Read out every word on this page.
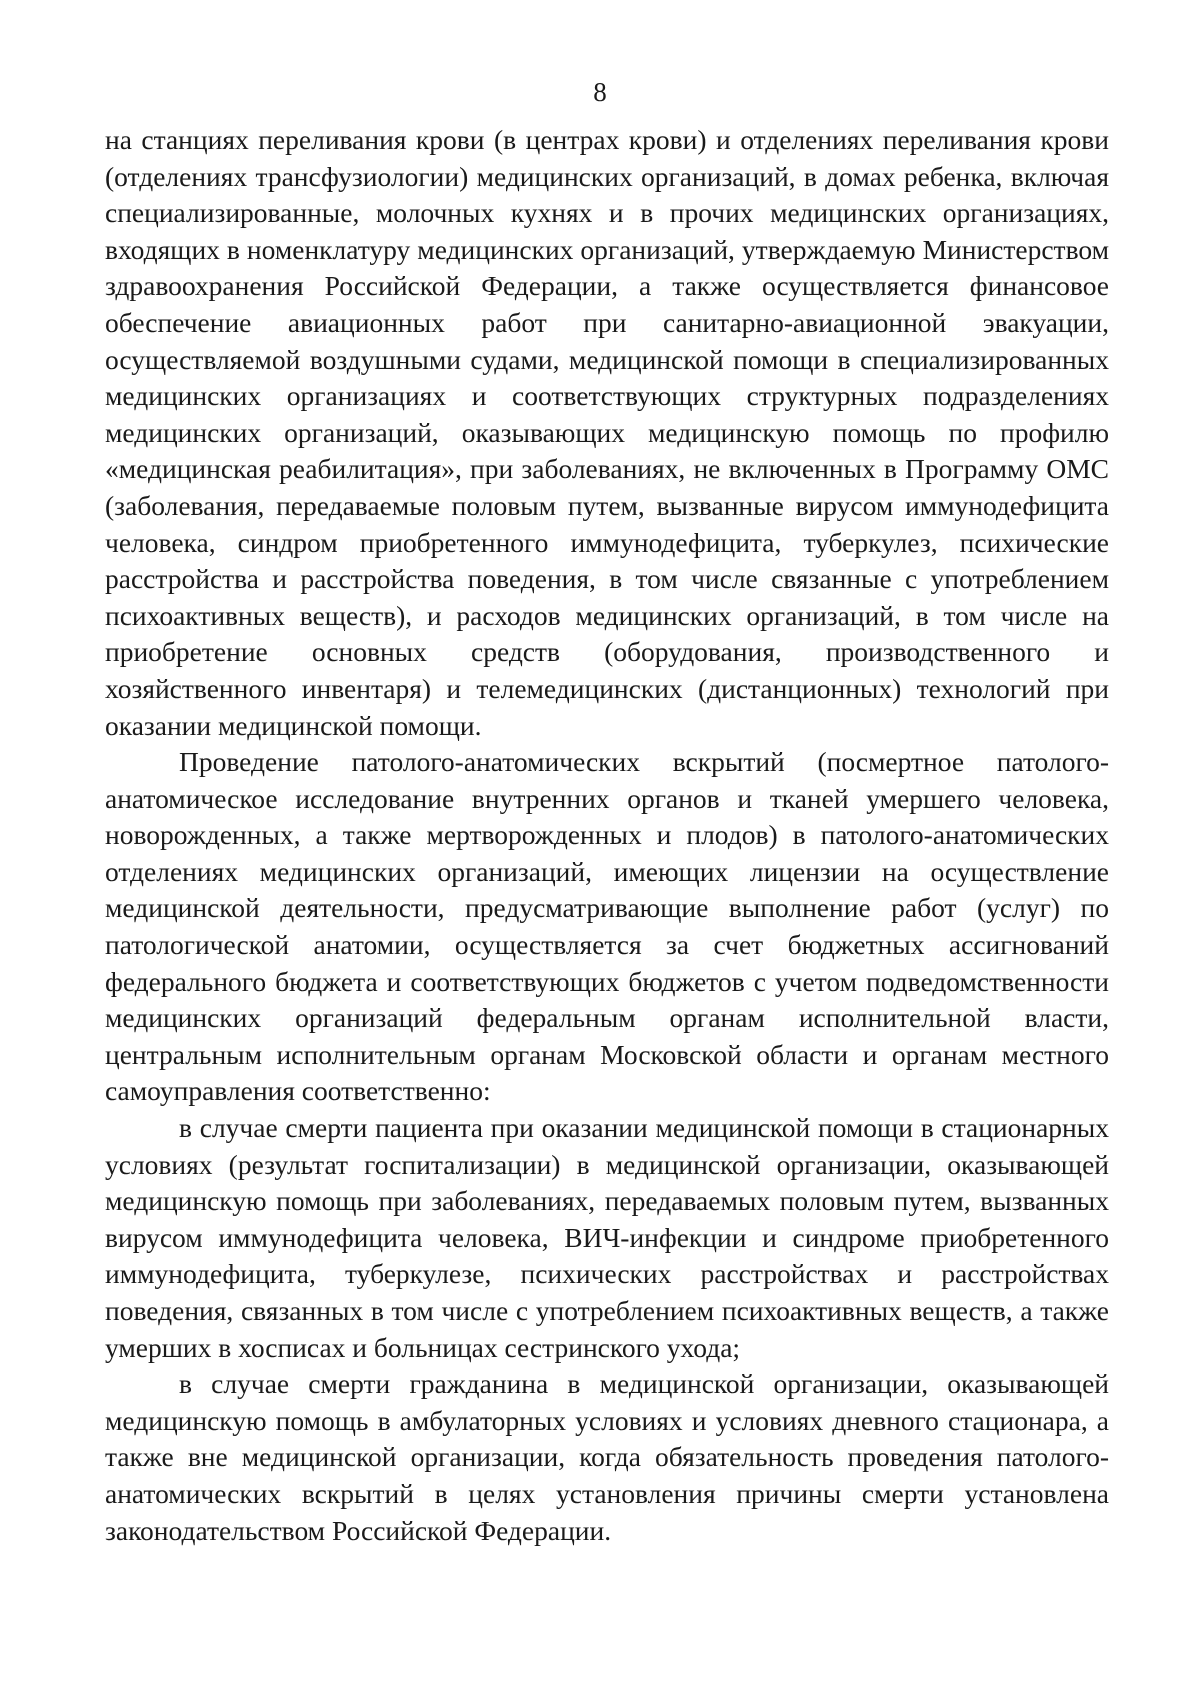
8

на станциях переливания крови (в центрах крови) и отделениях переливания крови (отделениях трансфузиологии) медицинских организаций, в домах ребенка, включая специализированные, молочных кухнях и в прочих медицинских организациях, входящих в номенклатуру медицинских организаций, утверждаемую Министерством здравоохранения Российской Федерации, а также осуществляется финансовое обеспечение авиационных работ при санитарно-авиационной эвакуации, осуществляемой воздушными судами, медицинской помощи в специализированных медицинских организациях и соответствующих структурных подразделениях медицинских организаций, оказывающих медицинскую помощь по профилю «медицинская реабилитация», при заболеваниях, не включенных в Программу ОМС (заболевания, передаваемые половым путем, вызванные вирусом иммунодефицита человека, синдром приобретенного иммунодефицита, туберкулез, психические расстройства и расстройства поведения, в том числе связанные с употреблением психоактивных веществ), и расходов медицинских организаций, в том числе на приобретение основных средств (оборудования, производственного и хозяйственного инвентаря) и телемедицинских (дистанционных) технологий при оказании медицинской помощи.

Проведение патолого-анатомических вскрытий (посмертное патолого-анатомическое исследование внутренних органов и тканей умершего человека, новорожденных, а также мертворожденных и плодов) в патолого-анатомических отделениях медицинских организаций, имеющих лицензии на осуществление медицинской деятельности, предусматривающие выполнение работ (услуг) по патологической анатомии, осуществляется за счет бюджетных ассигнований федерального бюджета и соответствующих бюджетов с учетом подведомственности медицинских организаций федеральным органам исполнительной власти, центральным исполнительным органам Московской области и органам местного самоуправления соответственно:

в случае смерти пациента при оказании медицинской помощи в стационарных условиях (результат госпитализации) в медицинской организации, оказывающей медицинскую помощь при заболеваниях, передаваемых половым путем, вызванных вирусом иммунодефицита человека, ВИЧ-инфекции и синдроме приобретенного иммунодефицита, туберкулезе, психических расстройствах и расстройствах поведения, связанных в том числе с употреблением психоактивных веществ, а также умерших в хосписах и больницах сестринского ухода;

в случае смерти гражданина в медицинской организации, оказывающей медицинскую помощь в амбулаторных условиях и условиях дневного стационара, а также вне медицинской организации, когда обязательность проведения патолого-анатомических вскрытий в целях установления причины смерти установлена законодательством Российской Федерации.
